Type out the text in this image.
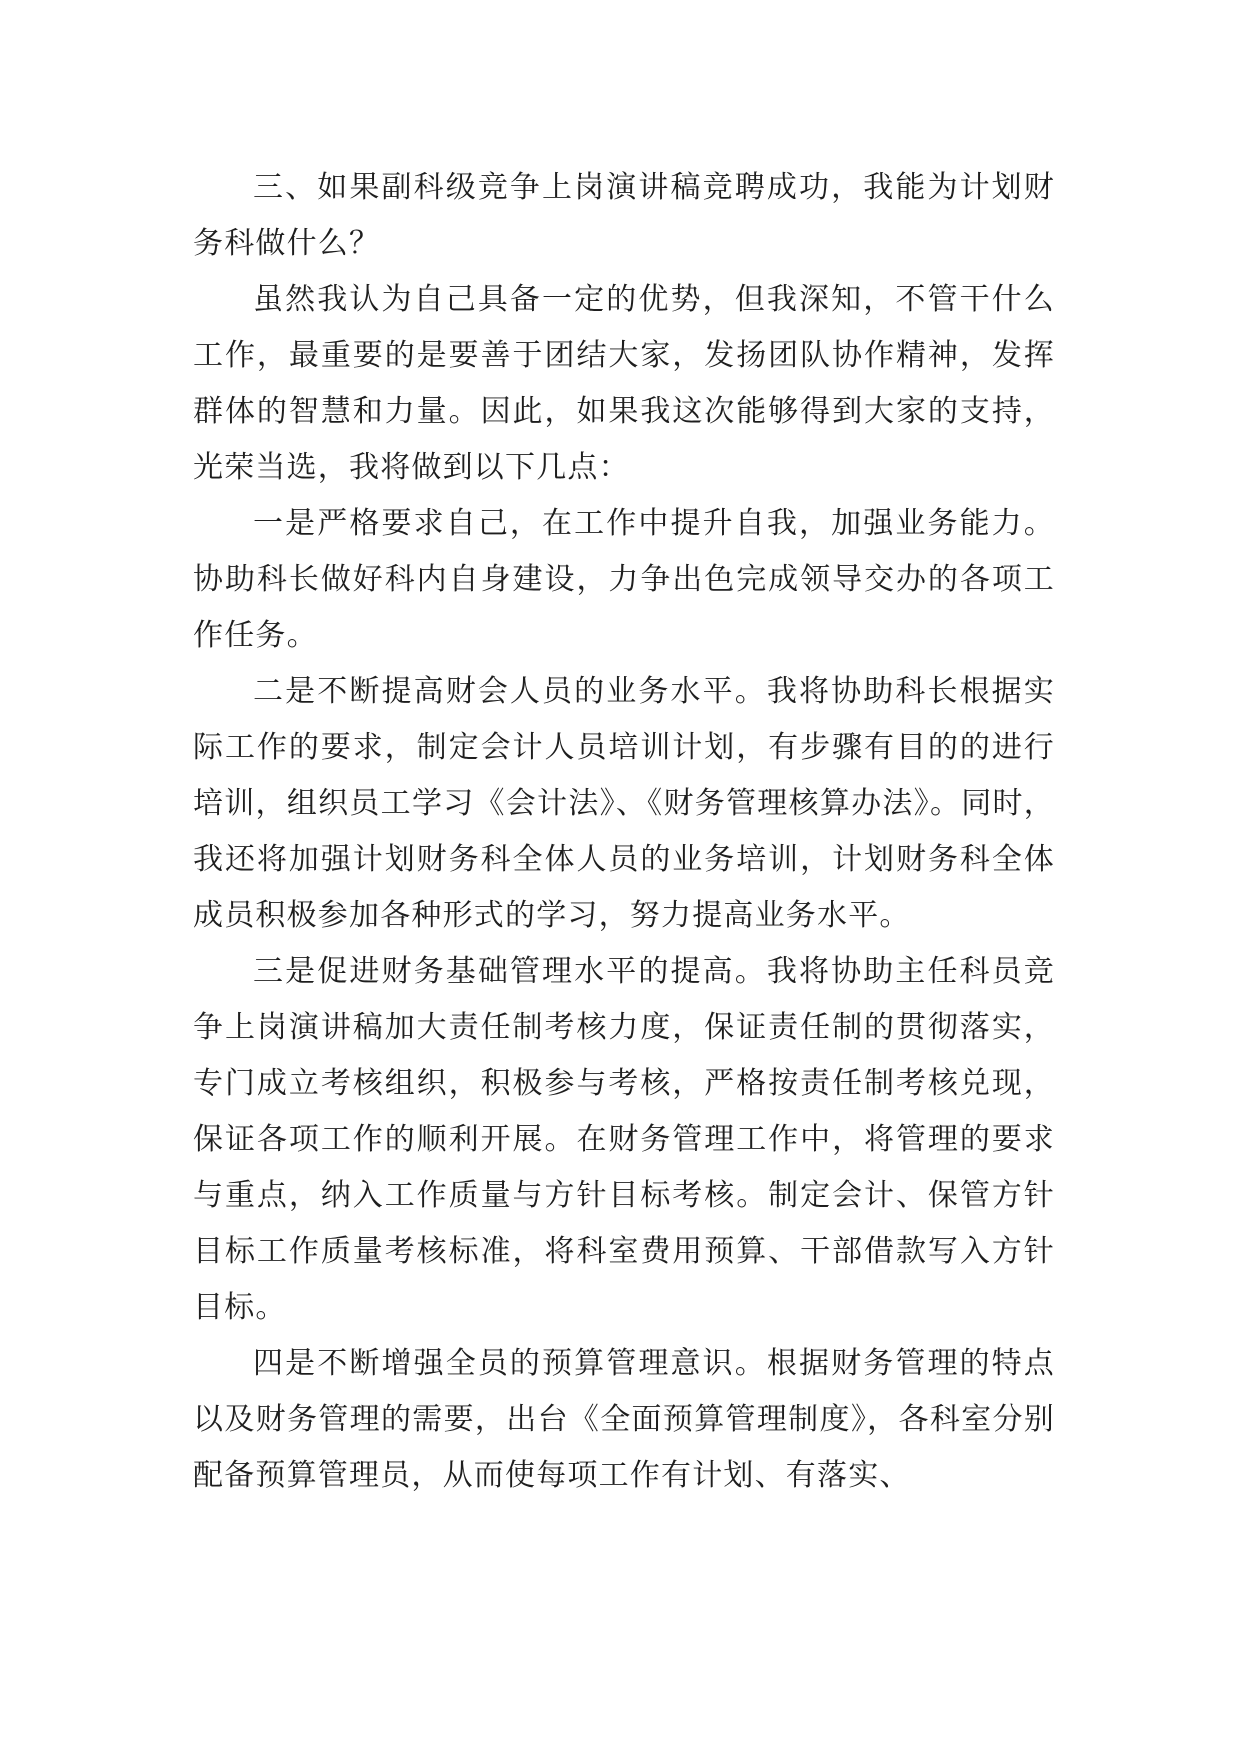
三、如果副科级竞争上岗演讲稿竞聘成功，我能为计划财务科做什么？

虽然我认为自己具备一定的优势，但我深知，不管干什么工作，最重要的是要善于团结大家，发扬团队协作精神，发挥群体的智慧和力量。因此，如果我这次能够得到大家的支持，光荣当选，我将做到以下几点：

一是严格要求自己，在工作中提升自我，加强业务能力。协助科长做好科内自身建设，力争出色完成领导交办的各项工作任务。

二是不断提高财会人员的业务水平。我将协助科长根据实际工作的要求，制定会计人员培训计划，有步骤有目的的进行培训，组织员工学习《会计法》、《财务管理核算办法》。同时，我还将加强计划财务科全体人员的业务培训，计划财务科全体成员积极参加各种形式的学习，努力提高业务水平。

三是促进财务基础管理水平的提高。我将协助主任科员竞争上岗演讲稿加大责任制考核力度，保证责任制的贯彻落实，专门成立考核组织，积极参与考核，严格按责任制考核兑现，保证各项工作的顺利开展。在财务管理工作中，将管理的要求与重点，纳入工作质量与方针目标考核。制定会计、保管方针目标工作质量考核标准，将科室费用预算、干部借款写入方针目标。

四是不断增强全员的预算管理意识。根据财务管理的特点以及财务管理的需要，出台《全面预算管理制度》，各科室分别配备预算管理员，从而使每项工作有计划、有落实、
